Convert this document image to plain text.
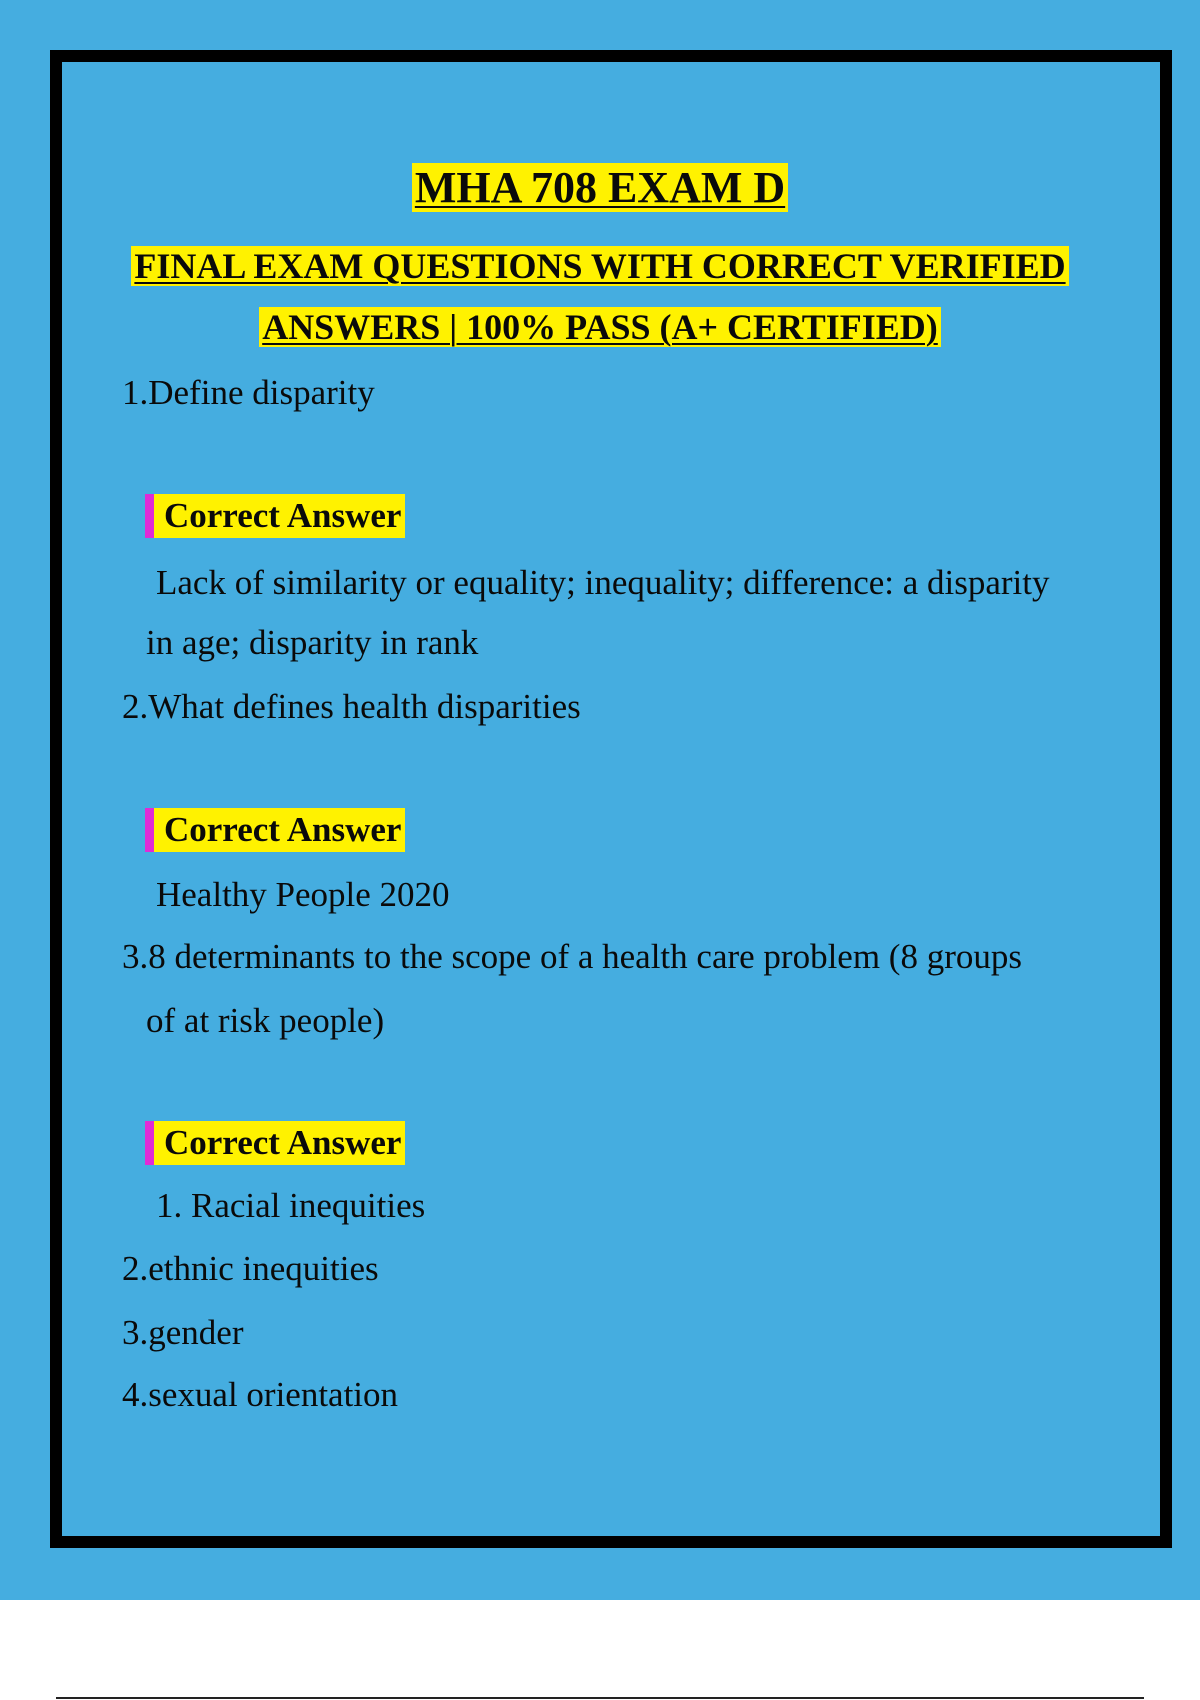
MHA 708 EXAM D
FINAL EXAM QUESTIONS WITH CORRECT VERIFIED
ANSWERS | 100% PASS (A+ CERTIFIED)
1.Define disparity
Correct Answer
Lack of similarity or equality; inequality; difference: a disparity
in age; disparity in rank
2.What defines health disparities
Correct Answer
Healthy People 2020
3.8 determinants to the scope of a health care problem (8 groups
of at risk people)
Correct Answer
1. Racial inequities
2.ethnic inequities
3.gender
4.sexual orientation
